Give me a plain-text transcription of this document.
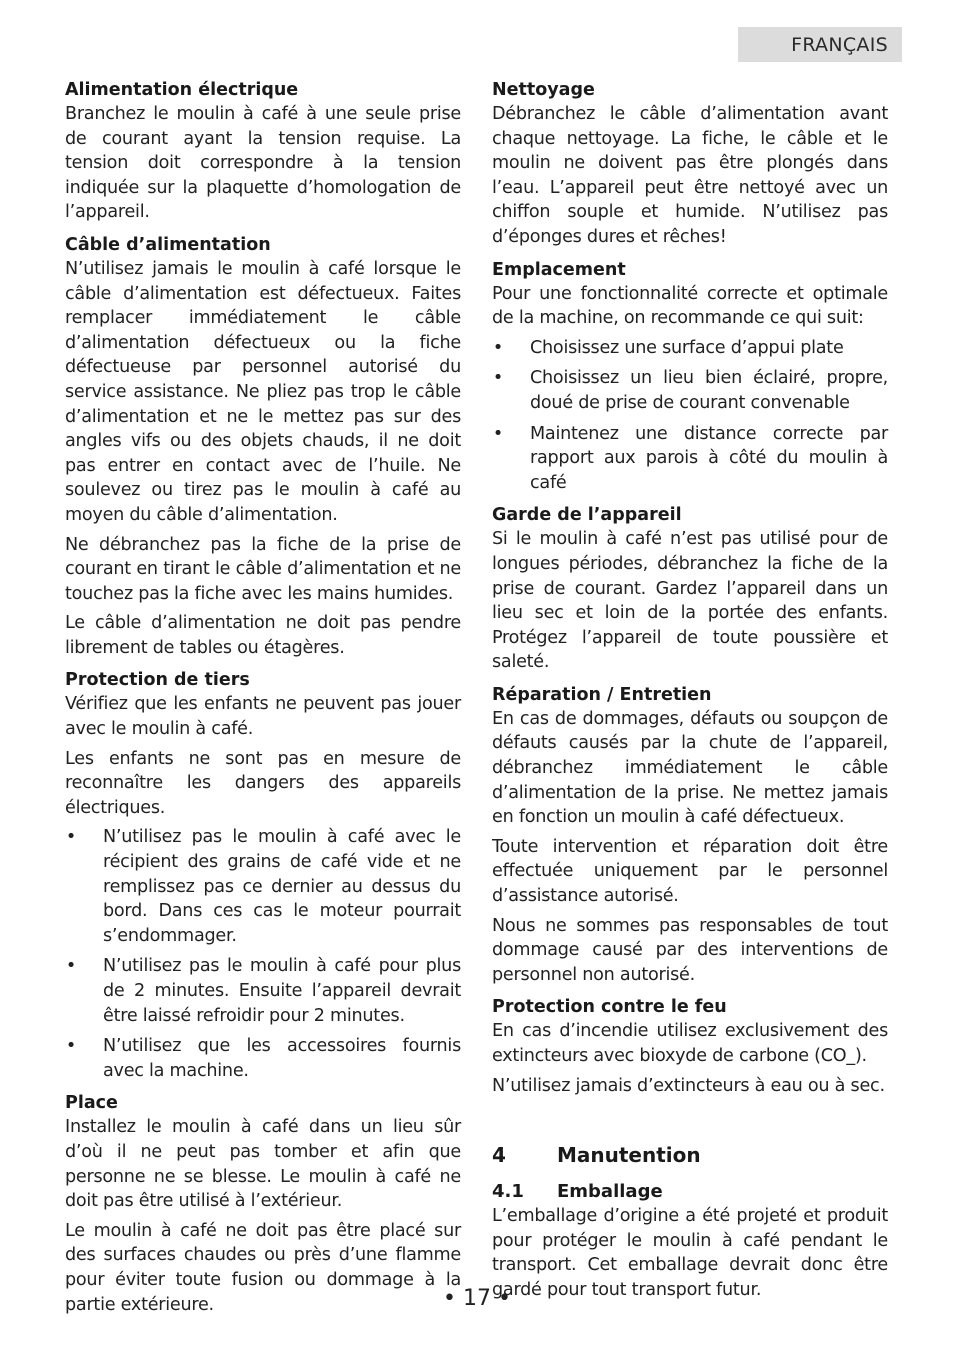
FRANÇAIS
Alimentation électrique

Branchez le moulin à café à une seule prise de courant ayant la tension requise. La tension doit correspondre à la tension indiquée sur la plaquette d’homologation de l’appareil.

Câble d’alimentation

N’utilisez jamais le moulin à café lorsque le câble d’alimentation est défectueux. Faites remplacer immédiatement le câble d’alimentation défectueux ou la fiche défectueuse par personnel autorisé du service assistance. Ne pliez pas trop le câble d’alimentation et ne le mettez pas sur des angles vifs ou des objets chauds, il ne doit pas entrer en contact avec de l’huile. Ne soulevez ou tirez pas le moulin à café au moyen du câble d’alimentation.

Ne débranchez pas la fiche de la prise de courant en tirant le câble d’alimentation et ne touchez pas la fiche avec les mains humides.

Le câble d’alimentation ne doit pas pendre librement de tables ou étagères.

Protection de tiers

Vérifiez que les enfants ne peuvent pas jouer avec le moulin à café.

Les enfants ne sont pas en mesure de reconnaître les dangers des appareils électriques.

• N’utilisez pas le moulin à café avec le récipient des grains de café vide et ne remplissez pas ce dernier au dessus du bord. Dans ces cas le moteur pourrait s’endommager.
• N’utilisez pas le moulin à café pour plus de 2 minutes. Ensuite l’appareil devrait être laissé refroidir pour 2 minutes.
• N’utilisez que les accessoires fournis avec la machine.
Place

Installez le moulin à café dans un lieu sûr d’où il ne peut pas tomber et afin que personne ne se blesse. Le moulin à café ne doit pas être utilisé à l’extérieur.

Le moulin à café ne doit pas être placé sur des surfaces chaudes ou près d’une flamme pour éviter toute fusion ou dommage à la partie extérieure.

Nettoyage

Débranchez le câble d’alimentation avant chaque nettoyage. La fiche, le câble et le moulin ne doivent pas être plongés dans l’eau. L’appareil peut être nettoyé avec un chiffon souple et humide. N’utilisez pas d’éponges dures et rêches!

Emplacement

Pour une fonctionnalité correcte et optimale de la machine, on recommande ce qui suit:

• Choisissez une surface d’appui plate
• Choisissez un lieu bien éclairé, propre, doué de prise de courant convenable
• Maintenez une distance correcte par rapport aux parois à côté du moulin à café
Garde de l’appareil

Si le moulin à café n’est pas utilisé pour de longues périodes, débranchez la fiche de la prise de courant. Gardez l’appareil dans un lieu sec et loin de la portée des enfants. Protégez l’appareil de toute poussière et saleté.

Réparation / Entretien

En cas de dommages, défauts ou soupçon de défauts causés par la chute de l’appareil, débranchez immédiatement le câble d’alimentation de la prise. Ne mettez jamais en fonction un moulin à café défectueux.

Toute intervention et réparation doit être effectuée uniquement par le personnel d’assistance autorisé.

Nous ne sommes pas responsables de tout dommage causé par des interventions de personnel non autorisé.

Protection contre le feu

En cas d’incendie utilisez exclusivement des extincteurs avec bioxyde de carbone (CO_).

N’utilisez jamais d’extincteurs à eau ou à sec.

4	Manutention
4.1	Emballage

L’emballage d’origine a été projeté et produit pour protéger le moulin à café pendant le transport. Cet emballage devrait donc être gardé pour tout transport futur.

• 17 •
